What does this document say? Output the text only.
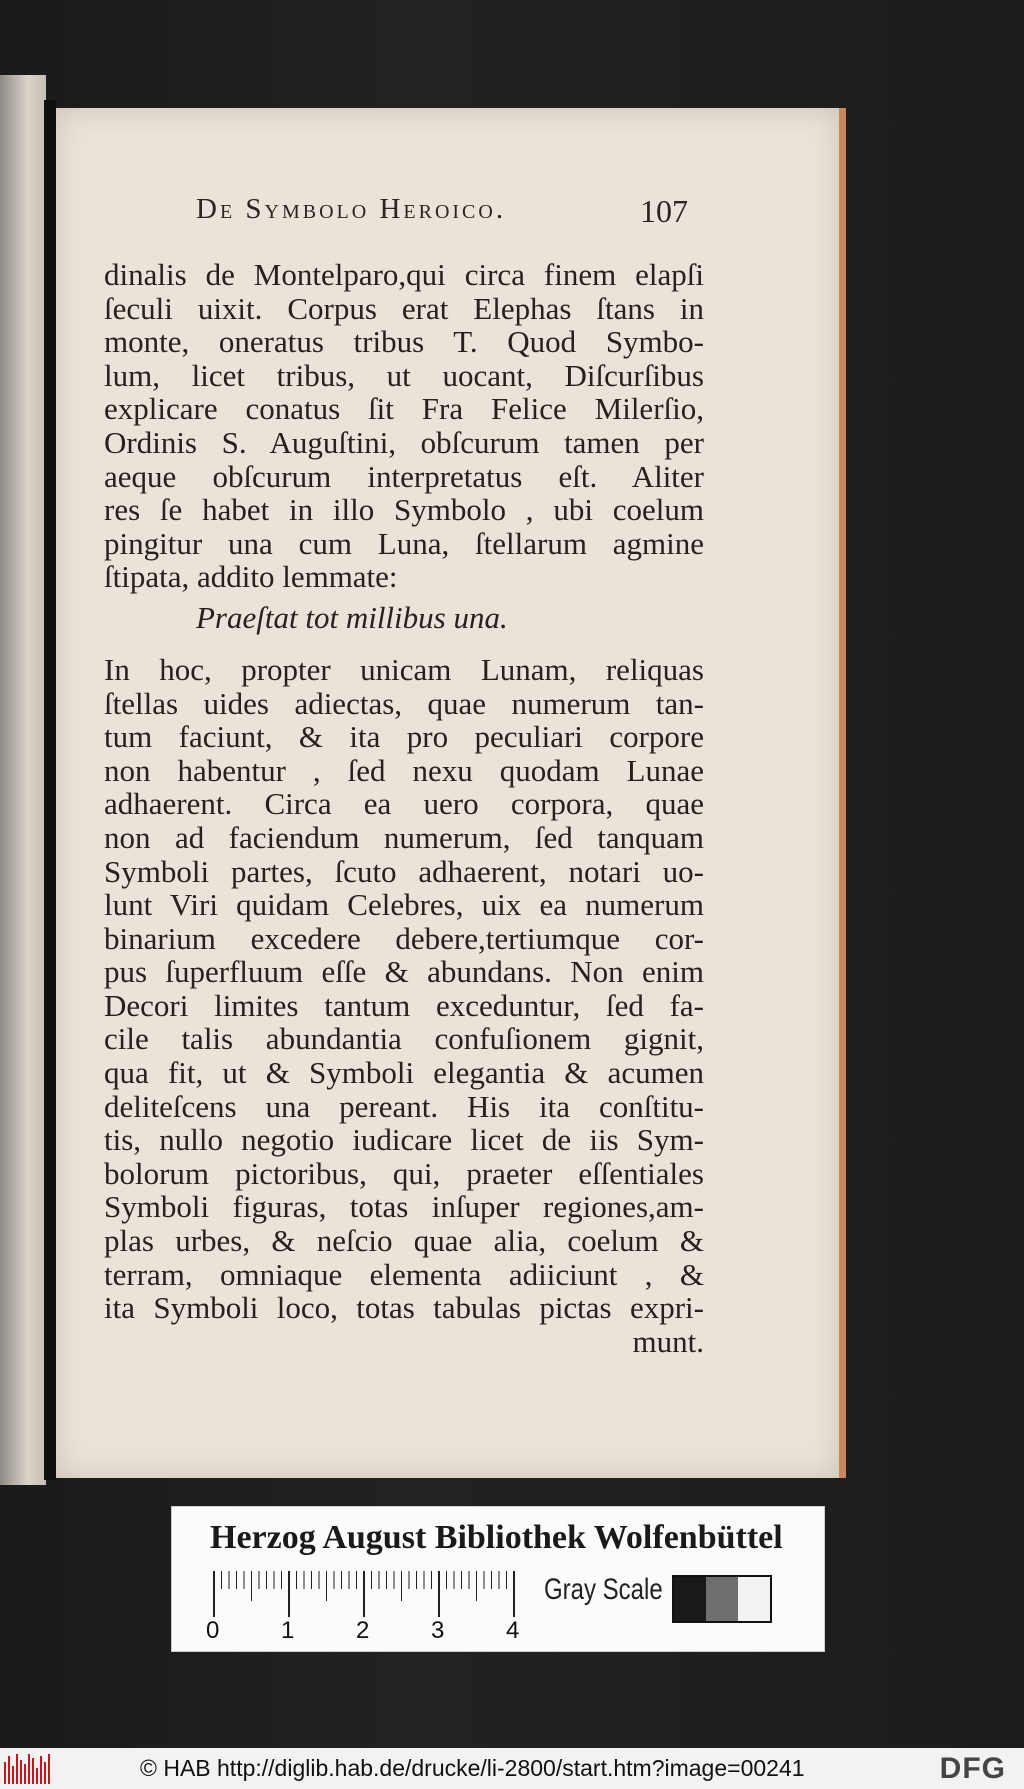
De Symbolo Heroico.	107
dinalis de Montelparo,qui circa finem elapſi
ſeculi uixit. Corpus erat Elephas ſtans in
monte, oneratus tribus T. Quod Symbo-
lum, licet tribus, ut uocant, Diſcurſibus
explicare conatus ſit Fra Felice Milerſio,
Ordinis S. Auguſtini, obſcurum tamen per
aeque obſcurum interpretatus eſt. Aliter
res ſe habet in illo Symbolo , ubi coelum
pingitur una cum Luna, ſtellarum agmine
ſtipata, addito lemmate:
Praeſtat tot millibus una.
In hoc, propter unicam Lunam, reliquas
ſtellas uides adiectas, quae numerum tan-
tum faciunt, & ita pro peculiari corpore
non habentur , ſed nexu quodam Lunae
adhaerent. Circa ea uero corpora, quae
non ad faciendum numerum, ſed tanquam
Symboli partes, ſcuto adhaerent, notari uo-
lunt Viri quidam Celebres, uix ea numerum
binarium excedere debere,tertiumque cor-
pus ſuperfluum eſſe & abundans. Non enim
Decori limites tantum exceduntur, ſed fa-
cile talis abundantia confuſionem gignit,
qua fit, ut & Symboli elegantia & acumen
deliteſcens una pereant. His ita conſtitu-
tis, nullo negotio iudicare licet de iis Sym-
bolorum pictoribus, qui, praeter eſſentiales
Symboli figuras, totas inſuper regiones,am-
plas urbes, & neſcio quae alia, coelum &
terram, omniaque elementa adiiciunt , &
ita Symboli loco, totas tabulas pictas expri-
munt.
Herzog August Bibliothek Wolfenbüttel
0	1	2	3	4
Gray Scale
© HAB http://diglib.hab.de/drucke/li-2800/start.htm?image=00241	DFG
